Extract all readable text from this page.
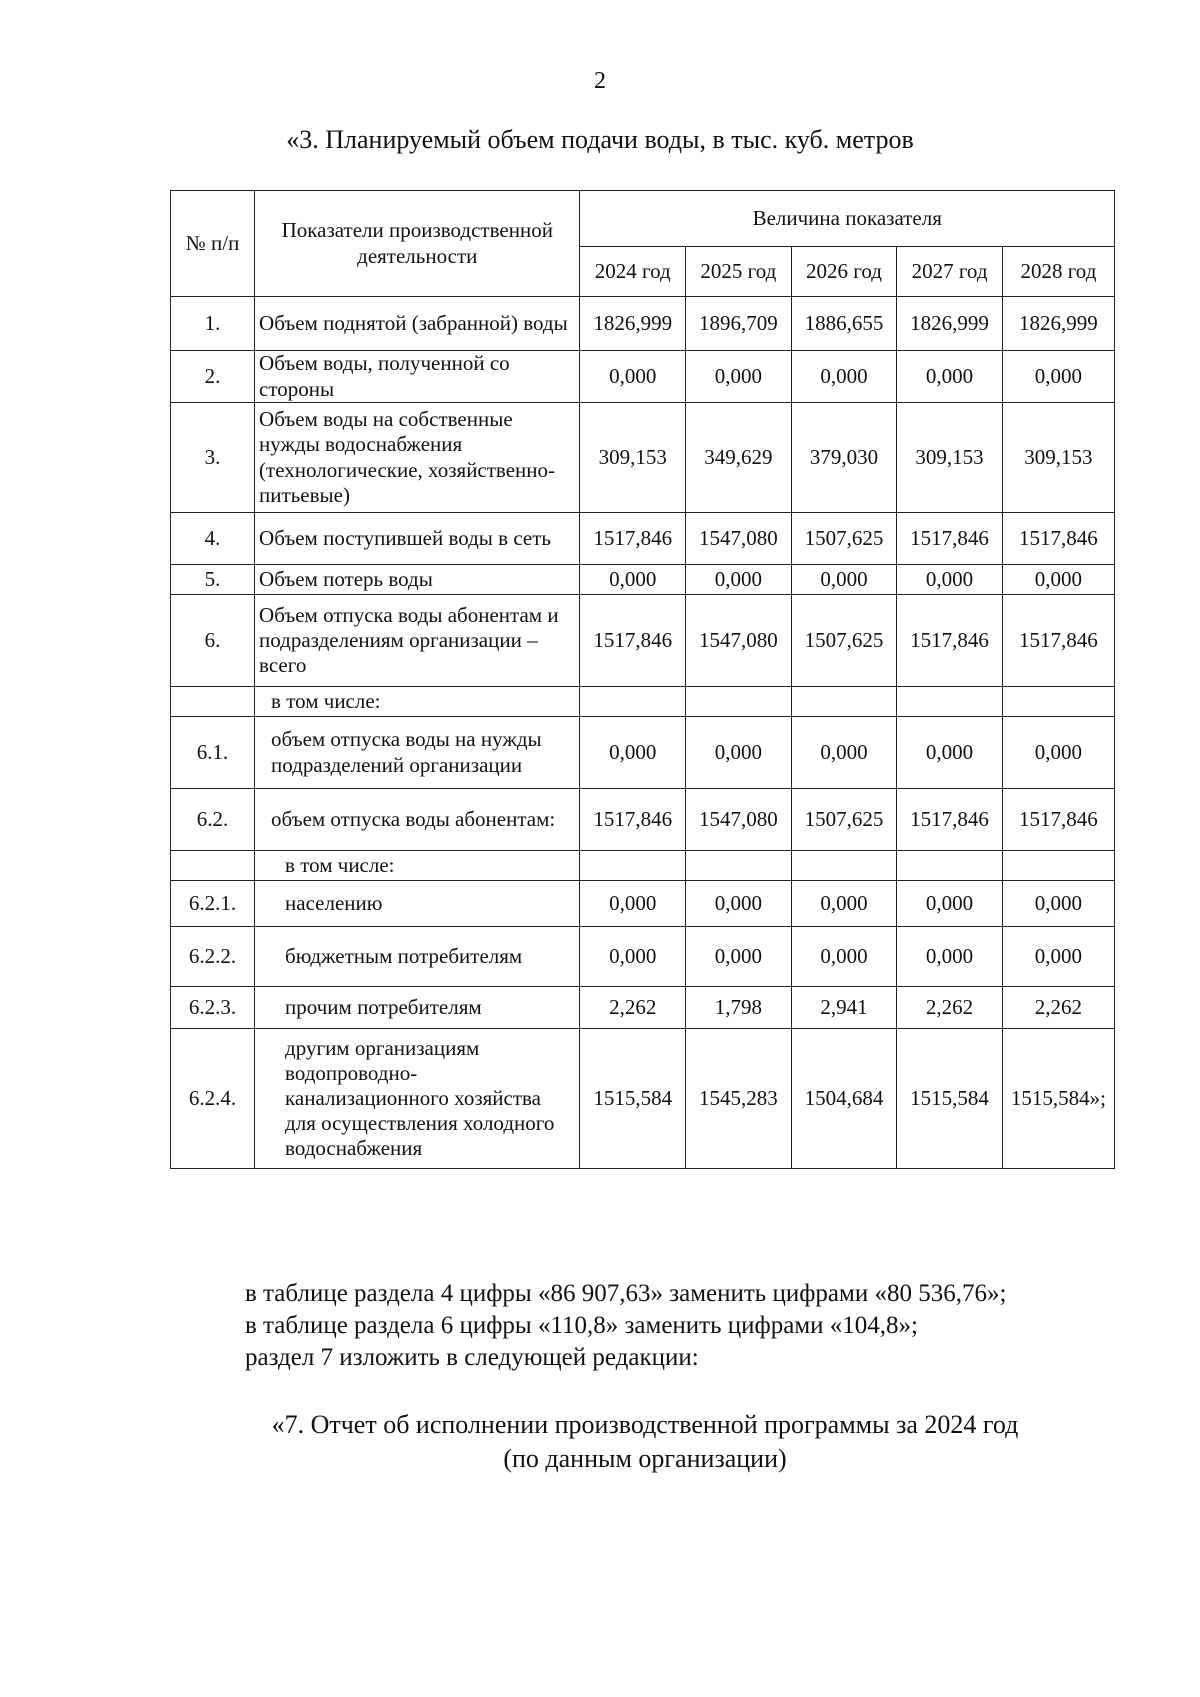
2
«3. Планируемый объем подачи воды, в тыс. куб. метров
№ п/п	Показатели производственной деятельности	Величина показателя				
		2024 год	2025 год	2026 год	2027 год	2028 год
1.	Объем поднятой (забранной) воды	1826,999	1896,709	1886,655	1826,999	1826,999
2.	Объем воды, полученной со стороны	0,000	0,000	0,000	0,000	0,000
3.	Объем воды на собственные нужды водоснабжения (технологические, хозяйственно-питьевые)	309,153	349,629	379,030	309,153	309,153
4.	Объем поступившей воды в сеть	1517,846	1547,080	1507,625	1517,846	1517,846
5.	Объем потерь воды	0,000	0,000	0,000	0,000	0,000
6.	Объем отпуска воды абонентам и подразделениям организации – всего	1517,846	1547,080	1507,625	1517,846	1517,846
	в том числе:					
6.1.	объем отпуска воды на нужды подразделений организации	0,000	0,000	0,000	0,000	0,000
6.2.	объем отпуска воды абонентам:	1517,846	1547,080	1507,625	1517,846	1517,846
	в том числе:					
6.2.1.	населению	0,000	0,000	0,000	0,000	0,000
6.2.2.	бюджетным потребителям	0,000	0,000	0,000	0,000	0,000
6.2.3.	прочим потребителям	2,262	1,798	2,941	2,262	2,262
6.2.4.	другим организациям водопроводно-канализационного хозяйства для осуществления холодного водоснабжения	1515,584	1545,283	1504,684	1515,584	1515,584»;
в таблице раздела 4 цифры «86 907,63» заменить цифрами «80 536,76»;
в таблице раздела 6 цифры «110,8» заменить цифрами «104,8»;
раздел 7 изложить в следующей редакции:
«7. Отчет об исполнении производственной программы за 2024 год
(по данным организации)
